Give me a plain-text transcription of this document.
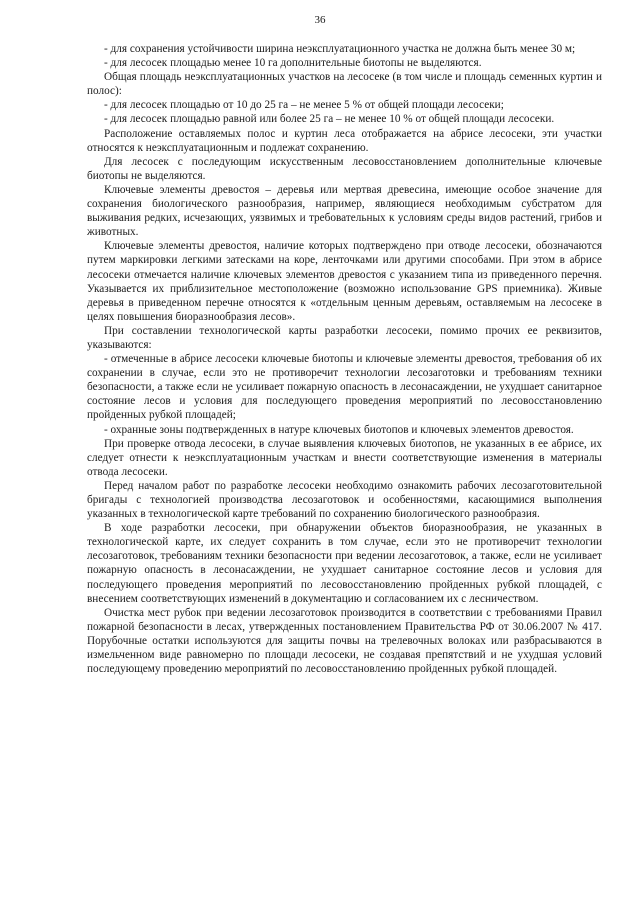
36

- для сохранения устойчивости ширина неэксплуатационного участка не должна быть менее 30 м;

- для лесосек площадью менее 10 га дополнительные биотопы не выделяются.

Общая площадь неэксплуатационных участков на лесосеке (в том числе и площадь семенных куртин и полос):

- для лесосек площадью от 10 до 25 га – не менее 5 % от общей площади лесосеки;

- для лесосек площадью равной или более 25 га – не менее 10 % от общей площади лесосеки.

Расположение оставляемых полос и куртин леса отображается на абрисе лесосеки, эти участки относятся к неэксплуатационным и подлежат сохранению.

Для лесосек с последующим искусственным лесовосстановлением дополнительные ключевые биотопы не выделяются.

Ключевые элементы древостоя – деревья или мертвая древесина, имеющие особое значение для сохранения биологического разнообразия, например, являющиеся необходимым субстратом для выживания редких, исчезающих, уязвимых и требовательных к условиям среды видов растений, грибов и животных.

Ключевые элементы древостоя, наличие которых подтверждено при отводе лесосеки, обозначаются путем маркировки легкими затесками на коре, ленточками или другими способами. При этом в абрисе лесосеки отмечается наличие ключевых элементов древостоя с указанием типа из приведенного перечня. Указывается их приблизительное местоположение (возможно использование GPS приемника). Живые деревья в приведенном перечне относятся к «отдельным ценным деревьям, оставляемым на лесосеке в целях повышения биоразнообразия лесов».

При составлении технологической карты разработки лесосеки, помимо прочих ее реквизитов, указываются:

- отмеченные в абрисе лесосеки ключевые биотопы и ключевые элементы древостоя, требования об их сохранении в случае, если это не противоречит технологии лесозаготовки и требованиям техники безопасности, а также если не усиливает пожарную опасность в лесонасаждении, не ухудшает санитарное состояние лесов и условия для последующего проведения мероприятий по лесовосстановлению пройденных рубкой площадей;

- охранные зоны подтвержденных в натуре ключевых биотопов и ключевых элементов древостоя.

При проверке отвода лесосеки, в случае выявления ключевых биотопов, не указанных в ее абрисе, их следует отнести к неэксплуатационным участкам и внести соответствующие изменения в материалы отвода лесосеки.

Перед началом работ по разработке лесосеки необходимо ознакомить рабочих лесозаготовительной бригады с технологией производства лесозаготовок и особенностями, касающимися выполнения указанных в технологической карте требований по сохранению биологического разнообразия.

В ходе разработки лесосеки, при обнаружении объектов биоразнообразия, не указанных в технологической карте, их следует сохранить в том случае, если это не противоречит технологии лесозаготовок, требованиям техники безопасности при ведении лесозаготовок, а также, если не усиливает пожарную опасность в лесонасаждении, не ухудшает санитарное состояние лесов и условия для последующего проведения мероприятий по лесовосстановлению пройденных рубкой площадей, с внесением соответствующих изменений в документацию и согласованием их с лесничеством.

Очистка мест рубок при ведении лесозаготовок производится в соответствии с требованиями Правил пожарной безопасности в лесах, утвержденных постановлением Правительства РФ от 30.06.2007 № 417. Порубочные остатки используются для защиты почвы на трелевочных волоках или разбрасываются в измельченном виде равномерно по площади лесосеки, не создавая препятствий и не ухудшая условий последующему проведению мероприятий по лесовосстановлению пройденных рубкой площадей.
